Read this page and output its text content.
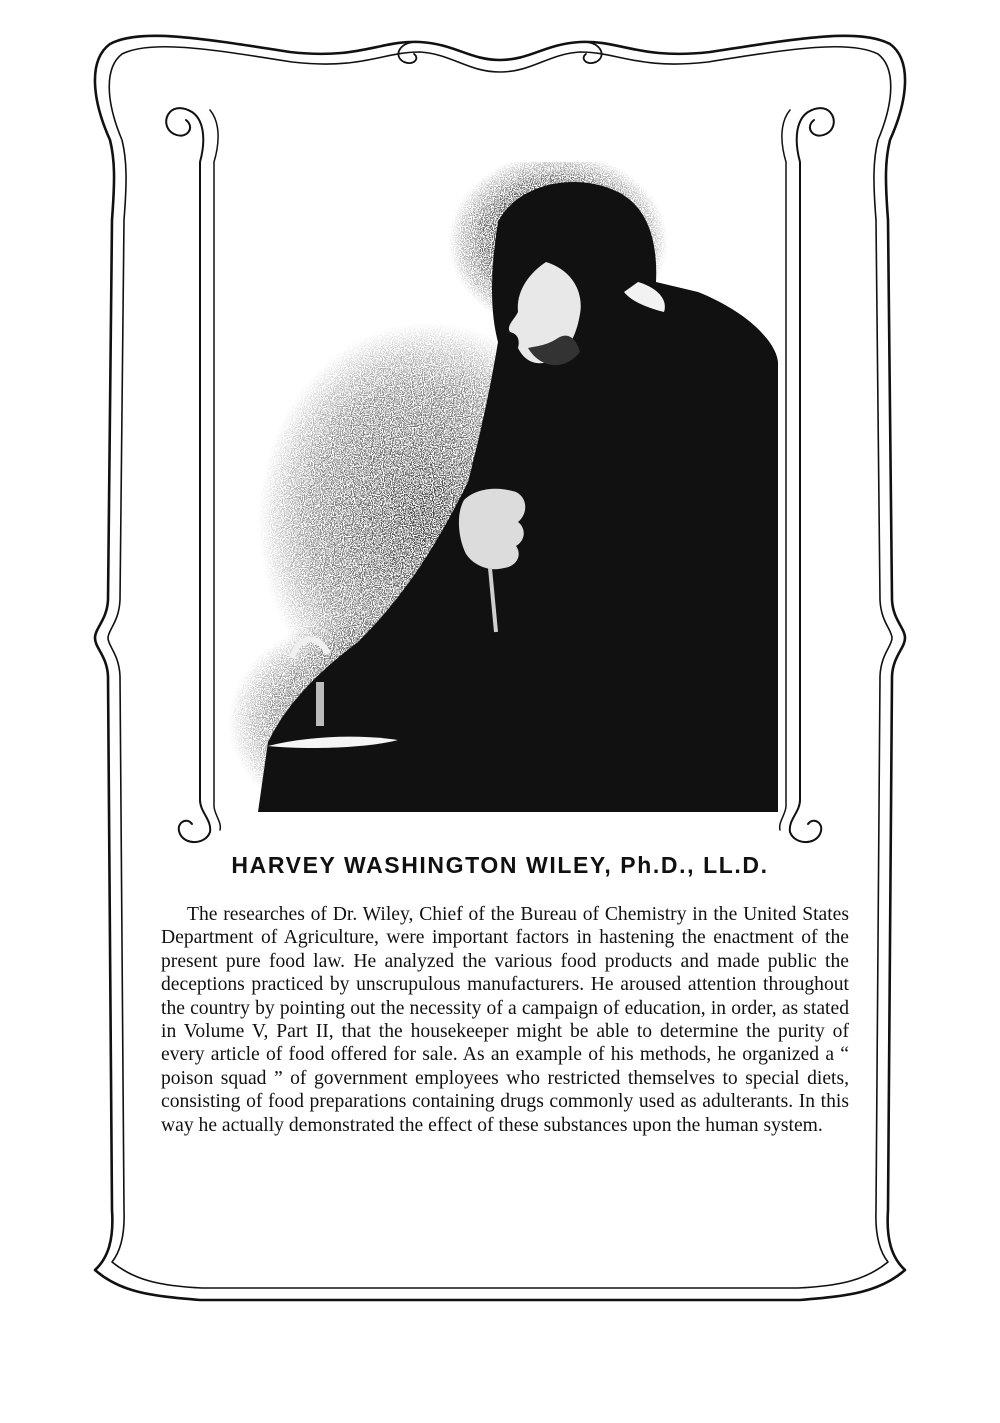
HARVEY WASHINGTON WILEY, Ph.D., LL.D.

The researches of Dr. Wiley, Chief of the Bureau of Chemistry in the United States Department of Agriculture, were important factors in hastening the enactment of the present pure food law. He analyzed the various food products and made public the deceptions practiced by unscrupulous manufacturers. He aroused attention throughout the country by pointing out the necessity of a campaign of education, in order, as stated in Volume V, Part II, that the housekeeper might be able to determine the purity of every article of food offered for sale. As an example of his methods, he organized a “ poison squad ” of government employees who restricted themselves to special diets, consisting of food preparations containing drugs commonly used as adulterants. In this way he actually demonstrated the effect of these substances upon the human system.
